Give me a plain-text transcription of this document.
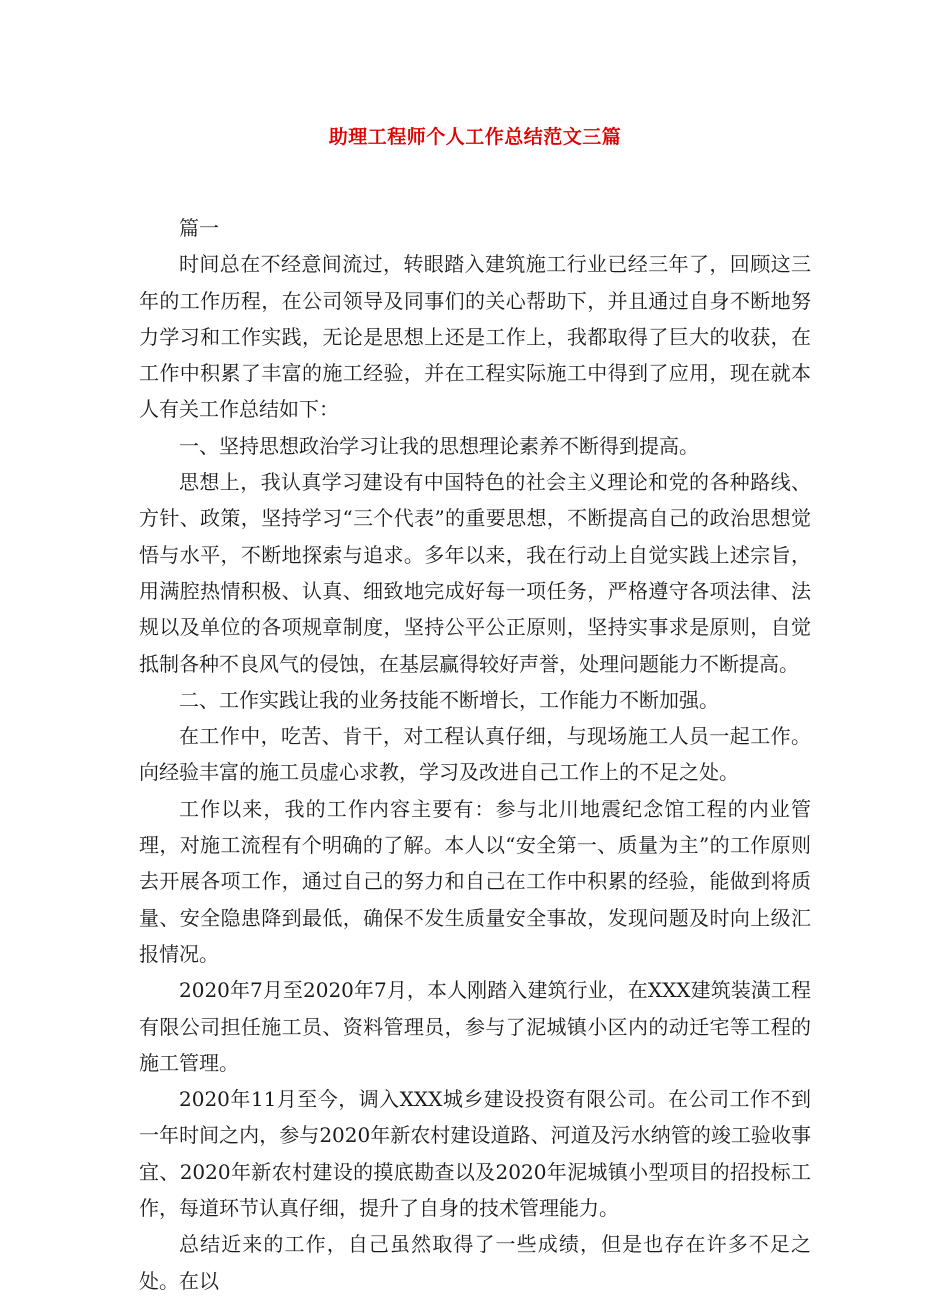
助理工程师个人工作总结范文三篇

篇一

时间总在不经意间流过，转眼踏入建筑施工行业已经三年了，回顾这三年的工作历程，在公司领导及同事们的关心帮助下，并且通过自身不断地努力学习和工作实践，无论是思想上还是工作上，我都取得了巨大的收获，在工作中积累了丰富的施工经验，并在工程实际施工中得到了应用，现在就本人有关工作总结如下：

一、坚持思想政治学习让我的思想理论素养不断得到提高。

思想上，我认真学习建设有中国特色的社会主义理论和党的各种路线、方针、政策，坚持学习“三个代表”的重要思想，不断提高自己的政治思想觉悟与水平，不断地探索与追求。多年以来，我在行动上自觉实践上述宗旨，用满腔热情积极、认真、细致地完成好每一项任务，严格遵守各项法律、法规以及单位的各项规章制度，坚持公平公正原则，坚持实事求是原则，自觉抵制各种不良风气的侵蚀，在基层赢得较好声誉，处理问题能力不断提高。

二、工作实践让我的业务技能不断增长，工作能力不断加强。

在工作中，吃苦、肯干，对工程认真仔细，与现场施工人员一起工作。向经验丰富的施工员虚心求教，学习及改进自己工作上的不足之处。

工作以来，我的工作内容主要有：参与北川地震纪念馆工程的内业管理，对施工流程有个明确的了解。本人以“安全第一、质量为主”的工作原则去开展各项工作，通过自己的努力和自己在工作中积累的经验，能做到将质量、安全隐患降到最低，确保不发生质量安全事故，发现问题及时向上级汇报情况。

2020年7月至2020年7月，本人刚踏入建筑行业，在XXX建筑装潢工程有限公司担任施工员、资料管理员，参与了泥城镇小区内的动迁宅等工程的施工管理。

2020年11月至今，调入XXX城乡建设投资有限公司。在公司工作不到一年时间之内，参与2020年新农村建设道路、河道及污水纳管的竣工验收事宜、2020年新农村建设的摸底勘查以及2020年泥城镇小型项目的招投标工作，每道环节认真仔细，提升了自身的技术管理能力。

总结近来的工作，自己虽然取得了一些成绩，但是也存在许多不足之处。在以
